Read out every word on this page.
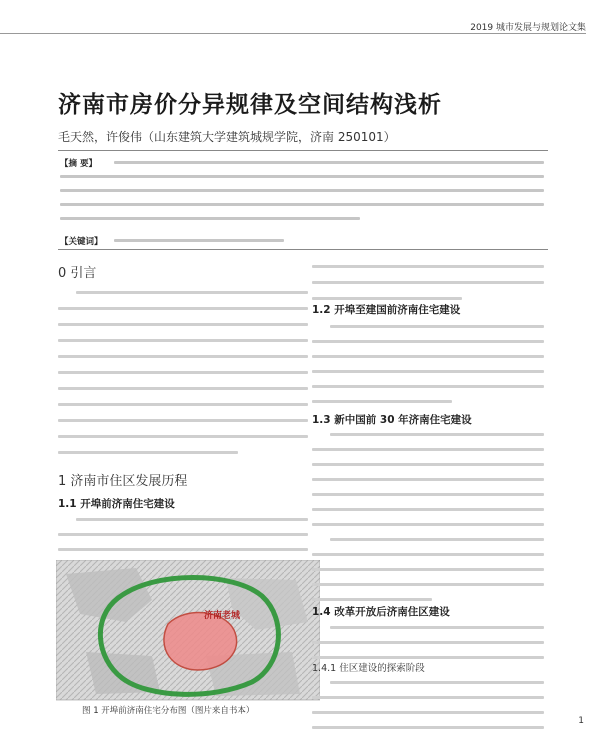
2019 城市发展与规划论文集
济南市房价分异规律及空间结构浅析
毛天然，许俊伟（山东建筑大学建筑城规学院，济南 250101）
【摘 要】
【关键词】
0 引言
1 济南市住区发展历程
1.1 开埠前济南住宅建设
济南老城
图 1 开埠前济南住宅分布图（图片来自书本）
1.2 开埠至建国前济南住宅建设
1.3 新中国前 30 年济南住宅建设
1.4 改革开放后济南住区建设
1.4.1 住区建设的探索阶段
1
